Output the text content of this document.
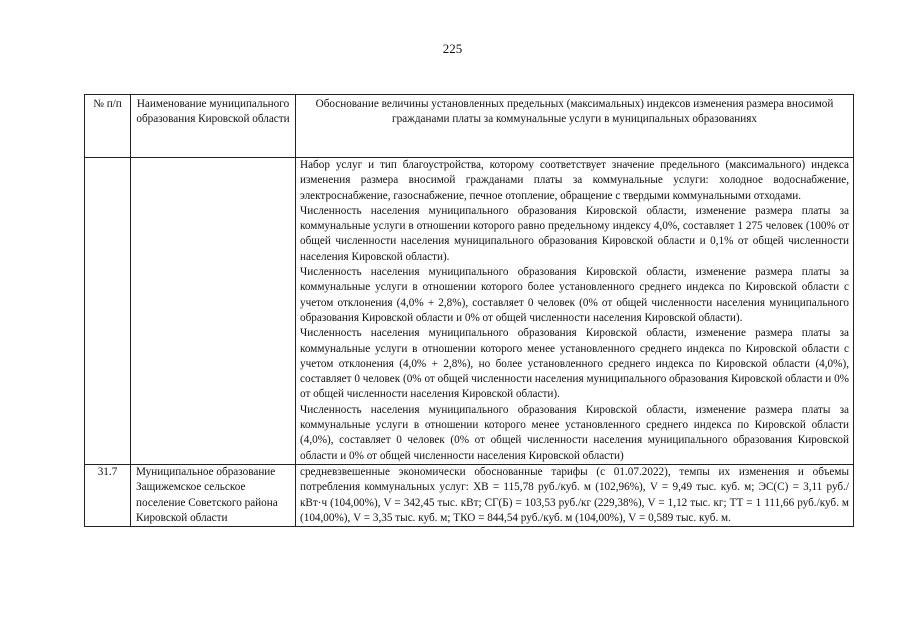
225
№ п/п	Наименование муниципального образования Кировской области	Обоснование величины установленных предельных (максимальных) индексов изменения размера вносимой гражданами платы за коммунальные услуги в муниципальных образованиях

		Набор услуг и тип благоустройства, которому соответствует значение предельного (максимального) индекса изменения размера вносимой гражданами платы за коммунальные услуги: холодное водоснабжение, электроснабжение, газоснабжение, печное отопление, обращение с твердыми коммунальными отходами.

Численность населения муниципального образования Кировской области, изменение размера платы за коммунальные услуги в отношении которого равно предельному индексу 4,0%, составляет 1 275 человек (100% от общей численности населения муниципального образования Кировской области и 0,1% от общей численности населения Кировской области).

Численность населения муниципального образования Кировской области, изменение размера платы за коммунальные услуги в отношении которого более установленного среднего индекса по Кировской области с учетом отклонения (4,0% + 2,8%), составляет 0 человек (0% от общей численности населения муниципального образования Кировской области и 0% от общей численности населения Кировской области).

Численность населения муниципального образования Кировской области, изменение размера платы за коммунальные услуги в отношении которого менее установленного среднего индекса по Кировской области с учетом отклонения (4,0% + 2,8%), но более установленного среднего индекса по Кировской области (4,0%), составляет 0 человек (0% от общей численности населения муниципального образования Кировской области и 0% от общей численности населения Кировской области).

Численность населения муниципального образования Кировской области, изменение размера платы за коммунальные услуги в отношении которого менее установленного среднего индекса по Кировской области (4,0%), составляет 0 человек (0% от общей численности населения муниципального образования Кировской области и 0% от общей численности населения Кировской области)

31.7	Муниципальное образование Защижемское сельское поселение Советского района Кировской области	средневзвешенные экономически обоснованные тарифы (с 01.07.2022), темпы их изменения и объемы потребления коммунальных услуг: ХВ = 115,78 руб./куб. м (102,96%), V = 9,49 тыс. куб. м; ЭС(С) = 3,11 руб./кВт·ч (104,00%), V = 342,45 тыс. кВт; СГ(Б) = 103,53 руб./кг (229,38%), V = 1,12 тыс. кг; ТТ = 1 111,66 руб./куб. м (104,00%), V = 3,35 тыс. куб. м; ТКО = 844,54 руб./куб. м (104,00%), V = 0,589 тыс. куб. м.
